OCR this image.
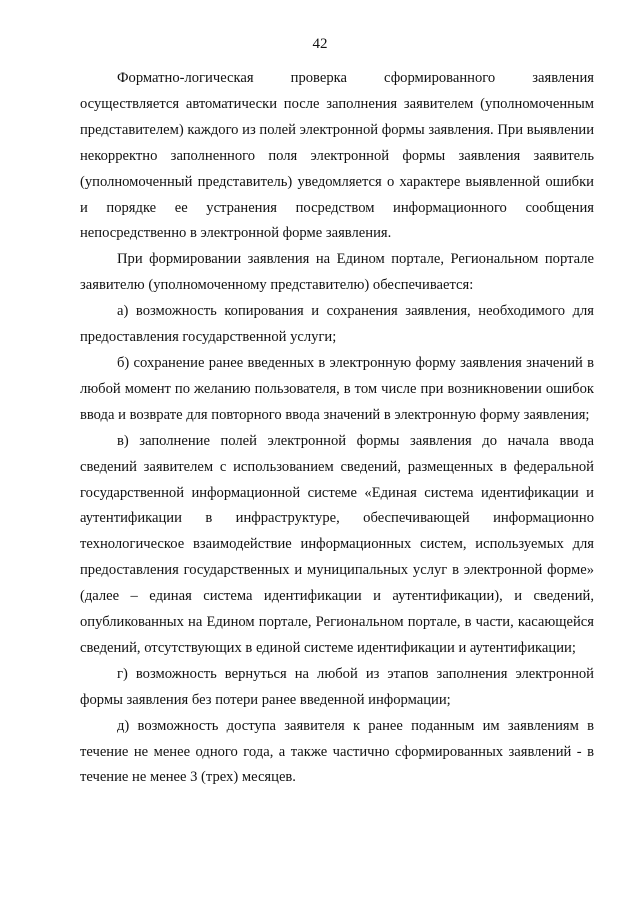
42

Форматно-логическая проверка сформированного заявления осуществляется автоматически после заполнения заявителем (уполномоченным представителем) каждого из полей электронной формы заявления. При выявлении некорректно заполненного поля электронной формы заявления заявитель (уполномоченный представитель) уведомляется о характере выявленной ошибки и порядке ее устранения посредством информационного сообщения непосредственно в электронной форме заявления.

При формировании заявления на Едином портале, Региональном портале заявителю (уполномоченному представителю) обеспечивается:

а) возможность копирования и сохранения заявления, необходимого для предоставления государственной услуги;

б) сохранение ранее введенных в электронную форму заявления значений в любой момент по желанию пользователя, в том числе при возникновении ошибок ввода и возврате для повторного ввода значений в электронную форму заявления;

в) заполнение полей электронной формы заявления до начала ввода сведений заявителем с использованием сведений, размещенных в федеральной государственной информационной системе «Единая система идентификации и аутентификации в инфраструктуре, обеспечивающей информационно технологическое взаимодействие информационных систем, используемых для предоставления государственных и муниципальных услуг в электронной форме» (далее – единая система идентификации и аутентификации), и сведений, опубликованных на Едином портале, Региональном портале, в части, касающейся сведений, отсутствующих в единой системе идентификации и аутентификации;

г) возможность вернуться на любой из этапов заполнения электронной формы заявления без потери ранее введенной информации;

д) возможность доступа заявителя к ранее поданным им заявлениям в течение не менее одного года, а также частично сформированных заявлений - в течение не менее 3 (трех) месяцев.
